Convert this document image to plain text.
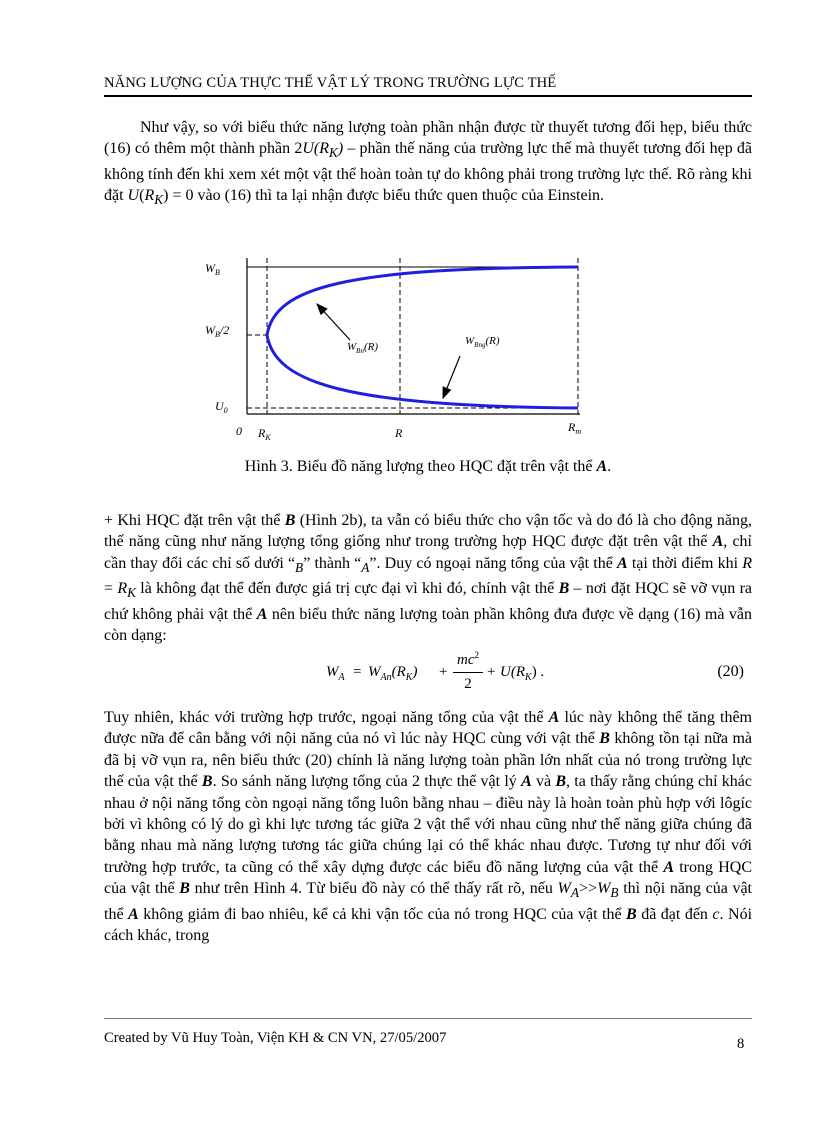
NĂNG LƯỢNG CỦA THỰC THỂ VẬT LÝ TRONG TRƯỜNG LỰC THẾ
Như vậy, so với biểu thức năng lượng toàn phần nhận được từ thuyết tương đối hẹp, biểu thức (16) có thêm một thành phần $2U(R_K)$ – phần thế năng của trường lực thế mà thuyết tương đối hẹp đã không tính đến khi xem xét một vật thể hoàn toàn tự do không phải trong trường lực thế. Rõ ràng khi đặt $U(R_K) = 0$ vào (16) thì ta lại nhận được biểu thức quen thuộc của Einstein.
$W_B$
$W_B/2$
$U_0$
0 $R_K$	R	$R_m$
$W_{Bn}(R)$	$W_{Bng}(R)$
Hình 3. Biểu đồ năng lượng theo HQC đặt trên vật thể A.
+ Khi HQC đặt trên vật thể B (Hình 2b), ta vẫn có biểu thức cho vận tốc và do đó là cho động năng, thế năng cũng như năng lượng tổng giống như trong trường hợp HQC được đặt trên vật thể A, chỉ cần thay đổi các chỉ số dưới “$_B$” thành “$_A$”. Duy có ngoại năng tổng của vật thể A tại thời điểm khi $R = R_K$ là không đạt thể đến được giá trị cực đại vì khi đó, chính vật thể B – nơi đặt HQC sẽ vỡ vụn ra chứ không phải vật thể A nên biểu thức năng lượng toàn phần không đưa được về dạng (16) mà vẫn còn dạng:
$W_A = W_{An}(R_K)$ +
$mc^2$
2
+ $U(R_K)$ .	(20)
Tuy nhiên, khác với trường hợp trước, ngoại năng tổng của vật thể A lúc này không thể tăng thêm được nữa để cân bằng với nội năng của nó vì lúc này HQC cùng với vật thể B không tồn tại nữa mà đã bị vỡ vụn ra, nên biểu thức (20) chính là năng lượng toàn phần lớn nhất của nó trong trường lực thế của vật thể B. So sánh năng lượng tổng của 2 thực thể vật lý A và B, ta thấy rằng chúng chỉ khác nhau ở nội năng tổng còn ngoại năng tổng luôn bằng nhau – điều này là hoàn toàn phù hợp với lôgíc bởi vì không có lý do gì khi lực tương tác giữa 2 vật thể với nhau cũng như thế năng giữa chúng đã bằng nhau mà năng lượng tương tác giữa chúng lại có thể khác nhau được. Tương tự như đối với trường hợp trước, ta cũng có thể xây dựng được các biểu đồ năng lượng của vật thể A trong HQC của vật thể B như trên Hình 4. Từ biểu đồ này có thể thấy rất rõ, nếu $W_A>>W_B$ thì nội năng của vật thể A không giảm đi bao nhiêu, kể cả khi vận tốc của nó trong HQC của vật thể B đã đạt đến c. Nói cách khác, trong
Created by Vũ Huy Toàn, Viện KH & CN VN, 27/05/2007	8
